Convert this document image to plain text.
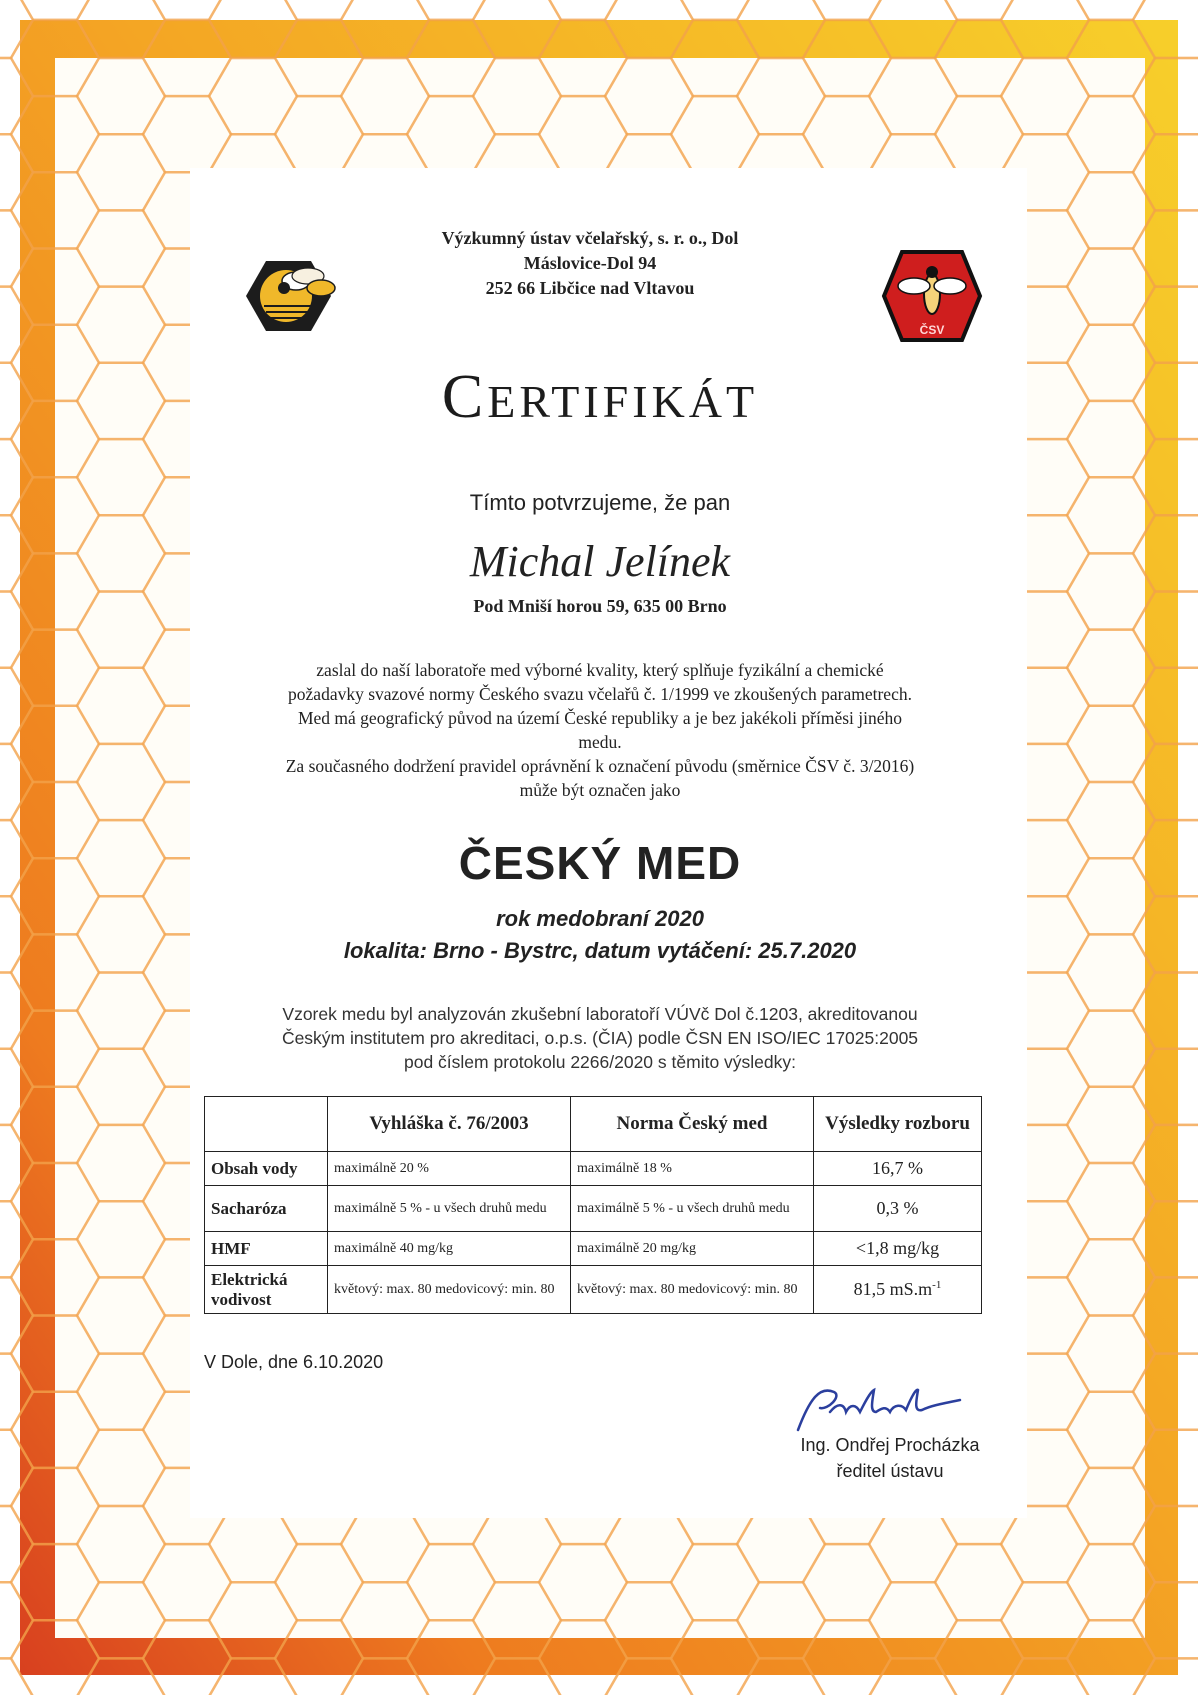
ČSV
Výzkumný ústav včelařský, s. r. o., Dol
Máslovice-Dol 94
252 66 Libčice nad Vltavou
CERTIFIKÁT
Tímto potvrzujeme, že pan
Michal Jelínek
Pod Mniší horou 59, 635 00 Brno
zaslal do naší laboratoře med výborné kvality, který splňuje fyzikální a chemické
požadavky svazové normy Českého svazu včelařů č. 1/1999 ve zkoušených parametrech.
Med má geografický původ na území České republiky a je bez jakékoli příměsi jiného
medu.
Za současného dodržení pravidel oprávnění k označení původu (směrnice ČSV č. 3/2016)
může být označen jako
ČESKÝ MED
rok medobraní 2020
lokalita: Brno - Bystrc, datum vytáčení: 25.7.2020
Vzorek medu byl analyzován zkušební laboratoří VÚVč Dol č.1203, akreditovanou
Českým institutem pro akreditaci, o.p.s. (ČIA) podle ČSN EN ISO/IEC 17025:2005
pod číslem protokolu 2266/2020 s těmito výsledky:
	Vyhláška č. 76/2003	Norma Český med	Výsledky rozboru
Obsah vody	maximálně 20 %	maximálně 18 %	16,7 %
Sacharóza	maximálně 5 % - u všech druhů medu	maximálně 5 % - u všech druhů medu	0,3 %
HMF	maximálně 40 mg/kg	maximálně 20 mg/kg	<1,8 mg/kg
Elektrická vodivost	květový: max. 80 medovicový: min. 80	květový: max. 80 medovicový: min. 80	81,5 $mS.m^{-1}$
V Dole, dne 6.10.2020
Ing. Ondřej Procházka
ředitel ústavu
